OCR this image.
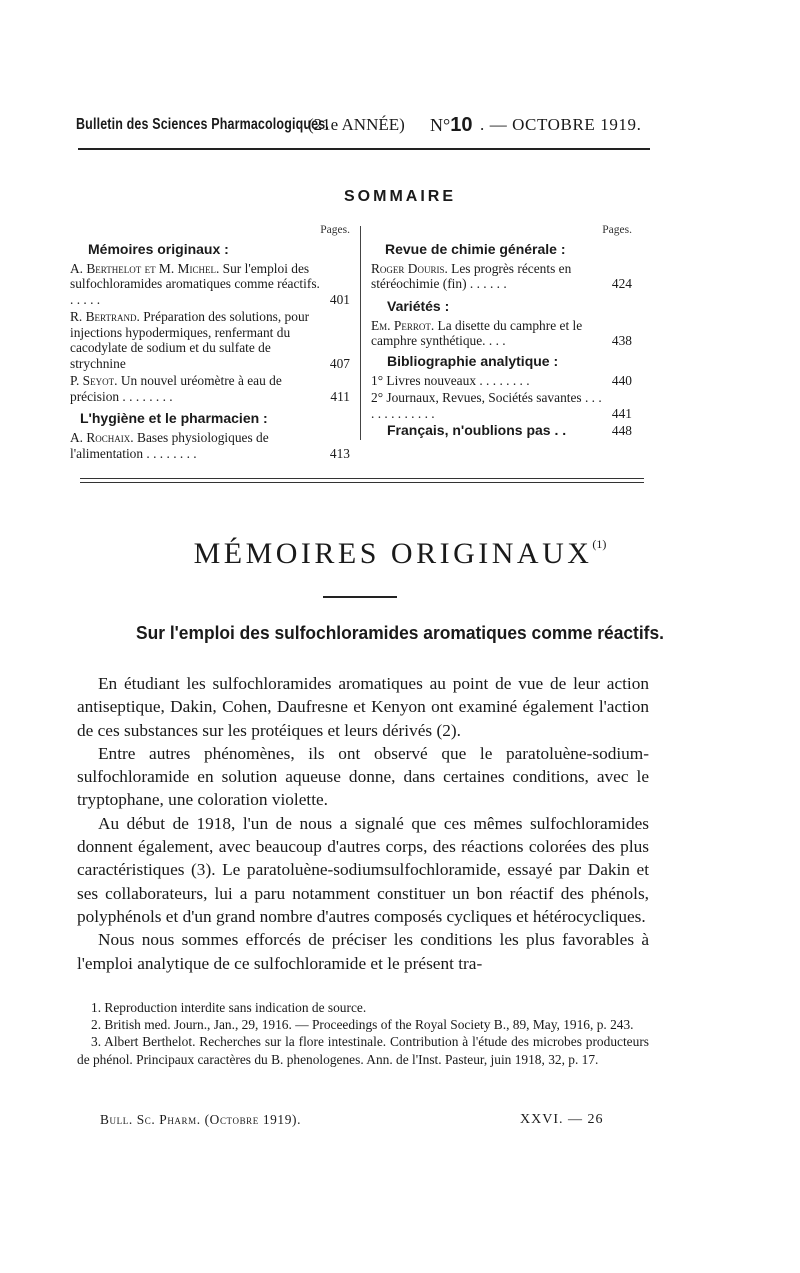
Bulletin des Sciences Pharmacologiques.
(21e ANNÉE) N°10 . — OCTOBRE 1919.
SOMMAIRE
Pages.
Mémoires originaux :
A. Berthelot et M. Michel. Sur l'emploi des sulfochloramides aromatiques comme réactifs. . . . . .	401
R. Bertrand. Préparation des solutions, pour injections hypodermiques, renfermant du cacodylate de sodium et du sulfate de strychnine	407
P. Seyot. Un nouvel uréomètre à eau de précision . . . . . . . .	411
L'hygiène et le pharmacien :
A. Rochaix. Bases physiologiques de l'alimentation . . . . . . . .	413
Pages.
Revue de chimie générale :
Roger Douris. Les progrès récents en stéréochimie (fin) . . . . . .	424
Variétés :
Em. Perrot. La disette du camphre et le camphre synthétique. . . .	438
Bibliographie analytique :
1° Livres nouveaux . . . . . . . .	440
2° Journaux, Revues, Sociétés savantes . . . . . . . . . . . . .	441
Français, n'oublions pas . .	448
MÉMOIRES ORIGINAUX$^{(1)}$
Sur l'emploi des sulfochloramides aromatiques comme réactifs.

En étudiant les sulfochloramides aromatiques au point de vue de leur action antiseptique, Dakin, Cohen, Daufresne et Kenyon ont examiné également l'action de ces substances sur les protéiques et leurs dérivés (2).

Entre autres phénomènes, ils ont observé que le paratoluène-sodium-sulfochloramide en solution aqueuse donne, dans certaines conditions, avec le tryptophane, une coloration violette.

Au début de 1918, l'un de nous a signalé que ces mêmes sulfochloramides donnent également, avec beaucoup d'autres corps, des réactions colorées des plus caractéristiques (3). Le paratoluène-sodiumsulfochloramide, essayé par Dakin et ses collaborateurs, lui a paru notamment constituer un bon réactif des phénols, polyphénols et d'un grand nombre d'autres composés cycliques et hétérocycliques.

Nous nous sommes efforcés de préciser les conditions les plus favorables à l'emploi analytique de ce sulfochloramide et le présent tra-

1. Reproduction interdite sans indication de source.

2. British med. Journ., Jan., 29, 1916. — Proceedings of the Royal Society B., 89, May, 1916, p. 243.

3. Albert Berthelot. Recherches sur la flore intestinale. Contribution à l'étude des microbes producteurs de phénol. Principaux caractères du B. phenologenes. Ann. de l'Inst. Pasteur, juin 1918, 32, p. 17.

Bull. Sc. Pharm. (Octobre 1919).	XXVI. — 26
